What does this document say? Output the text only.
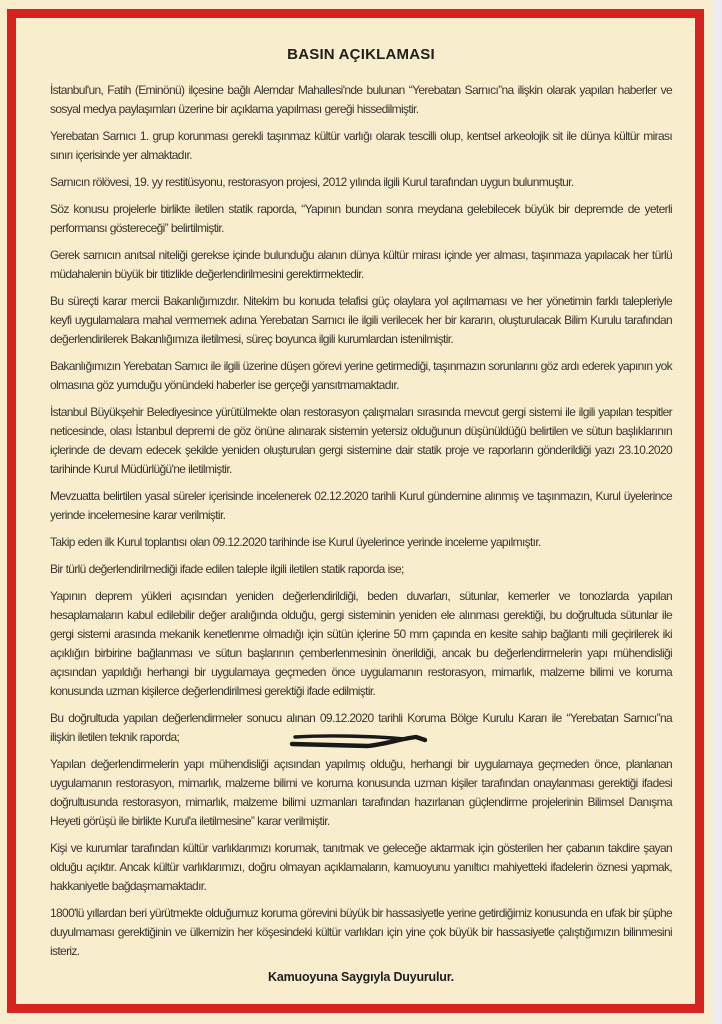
BASIN AÇIKLAMASI

İstanbul'un, Fatih (Eminönü) ilçesine bağlı Alemdar Mahallesi'nde bulunan “Yerebatan Sarnıcı”na ilişkin olarak yapılan haberler ve sosyal medya paylaşımları üzerine bir açıklama yapılması gereği hissedilmiştir.

Yerebatan Sarnıcı 1. grup korunması gerekli taşınmaz kültür varlığı olarak tescilli olup, kentsel arkeolojik sit ile dünya kültür mirası sınırı içerisinde yer almaktadır.

Sarnıcın rölövesi, 19. yy restitüsyonu, restorasyon projesi, 2012 yılında ilgili Kurul tarafından uygun bulunmuştur.

Söz konusu projelerle birlikte iletilen statik raporda, “Yapının bundan sonra meydana gelebilecek büyük bir depremde de yeterli performansı göstereceği” belirtilmiştir.

Gerek sarnıcın anıtsal niteliği gerekse içinde bulunduğu alanın dünya kültür mirası içinde yer alması, taşınmaza yapılacak her türlü müdahalenin büyük bir titizlikle değerlendirilmesini gerektirmektedir.

Bu süreçti karar mercii Bakanlığımızdır. Nitekim bu konuda telafisi güç olaylara yol açılmaması ve her yönetimin farklı talepleriyle keyfi uygulamalara mahal vermemek adına Yerebatan Sarnıcı ile ilgili verilecek her bir kararın, oluşturulacak Bilim Kurulu tarafından değerlendirilerek Bakanlığımıza iletilmesi, süreç boyunca ilgili kurumlardan istenilmiştir.

Bakanlığımızın Yerebatan Sarnıcı ile ilgili üzerine düşen görevi yerine getirmediği, taşınmazın sorunlarını göz ardı ederek yapının yok olmasına göz yumduğu yönündeki haberler ise gerçeği yansıtmamaktadır.

İstanbul Büyükşehir Belediyesince yürütülmekte olan restorasyon çalışmaları sırasında mevcut gergi sistemi ile ilgili yapılan tespitler neticesinde, olası İstanbul depremi de göz önüne alınarak sistemin yetersiz olduğunun düşünüldüğü belirtilen ve sütun başlıklarının içlerinde de devam edecek şekilde yeniden oluşturulan gergi sistemine dair statik proje ve raporların gönderildiği yazı 23.10.2020 tarihinde Kurul Müdürlüğü'ne iletilmiştir.

Mevzuatta belirtilen yasal süreler içerisinde incelenerek 02.12.2020 tarihli Kurul gündemine alınmış ve taşınmazın, Kurul üyelerince yerinde incelemesine karar verilmiştir.

Takip eden ilk Kurul toplantısı olan 09.12.2020 tarihinde ise Kurul üyelerince yerinde inceleme yapılmıştır.

Bir türlü değerlendirilmediği ifade edilen taleple ilgili iletilen statik raporda ise;

Yapının deprem yükleri açısından yeniden değerlendirildiği, beden duvarları, sütunlar, kemerler ve tonozlarda yapılan hesaplamaların kabul edilebilir değer aralığında olduğu, gergi sisteminin yeniden ele alınması gerektiği, bu doğrultuda sütunlar ile gergi sistemi arasında mekanik kenetlenme olmadığı için sütün içlerine 50 mm çapında en kesite sahip bağlantı mili geçirilerek iki açıklığın birbirine bağlanması ve sütun başlarının çemberlenmesinin önerildiği, ancak bu değerlendirmelerin yapı mühendisliği açısından yapıldığı herhangi bir uygulamaya geçmeden önce uygulamanın restorasyon, mimarlık, malzeme bilimi ve koruma konusunda uzman kişilerce değerlendirilmesi gerektiği ifade edilmiştir.

Bu doğrultuda yapılan değerlendirmeler sonucu alınan 09.12.2020 tarihli Koruma Bölge Kurulu Kararı ile “Yerebatan Sarnıcı”na ilişkin iletilen teknik raporda;

Yapılan değerlendirmelerin yapı mühendisliği açısından yapılmış olduğu, herhangi bir uygulamaya geçmeden önce, planlanan uygulamanın restorasyon, mimarlık, malzeme bilimi ve koruma konusunda uzman kişiler tarafından onaylanması gerektiği ifadesi doğrultusunda restorasyon, mimarlık, malzeme bilimi uzmanları tarafından hazırlanan güçlendirme projelerinin Bilimsel Danışma Heyeti görüşü ile birlikte Kurul'a iletilmesine” karar verilmiştir.

Kişi ve kurumlar tarafından kültür varlıklarımızı korumak, tanıtmak ve geleceğe aktarmak için gösterilen her çabanın takdire şayan olduğu açıktır. Ancak kültür varlıklarımızı, doğru olmayan açıklamaların, kamuoyunu yanıltıcı mahiyetteki ifadelerin öznesi yapmak, hakkaniyetle bağdaşmamaktadır.

1800'lü yıllardan beri yürütmekte olduğumuz koruma görevini büyük bir hassasiyetle yerine getirdiğimiz konusunda en ufak bir şüphe duyulmaması gerektiğinin ve ülkemizin her köşesindeki kültür varlıkları için yine çok büyük bir hassasiyetle çalıştığımızın bilinmesini isteriz.

Kamuoyuna Saygıyla Duyurulur.
